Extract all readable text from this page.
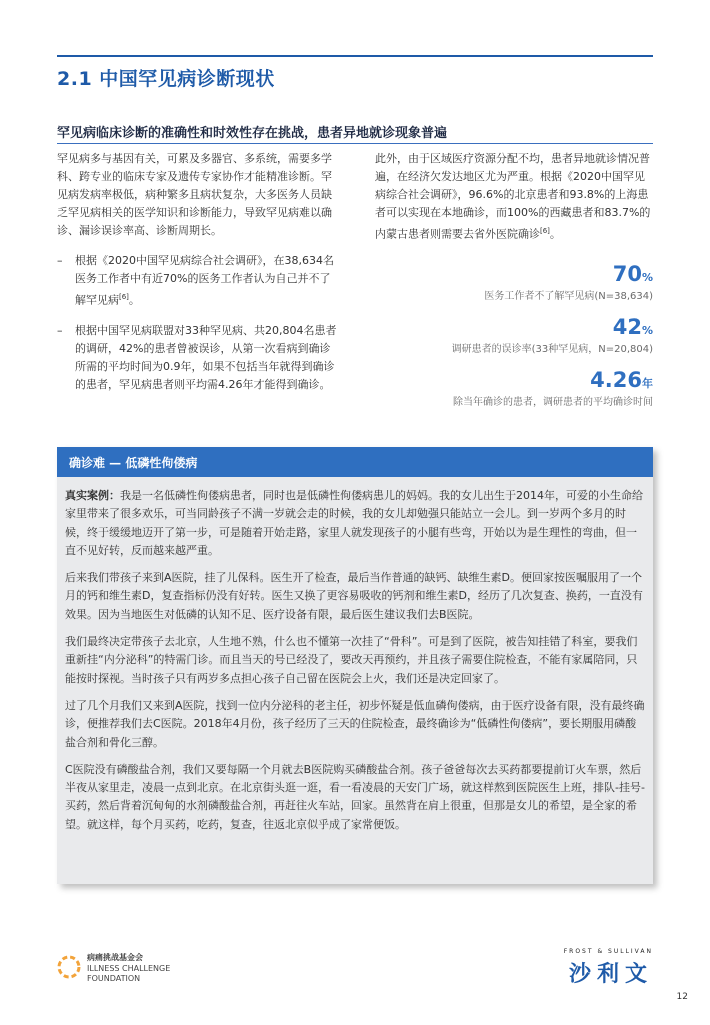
2.1 中国罕见病诊断现状
罕见病临床诊断的准确性和时效性存在挑战，患者异地就诊现象普遍

罕见病多与基因有关，可累及多器官、多系统，需要多学科、跨专业的临床专家及遗传专家协作才能精准诊断。罕见病发病率极低，病种繁多且病状复杂，大多医务人员缺乏罕见病相关的医学知识和诊断能力，导致罕见病难以确诊、漏诊误诊率高、诊断周期长。

– 根据《2020中国罕见病综合社会调研》，在38,634名医务工作者中有近70%的医务工作者认为自己并不了解罕见病[6]。

– 根据中国罕见病联盟对33种罕见病、共20,804名患者的调研，42%的患者曾被误诊，从第一次看病到确诊所需的平均时间为0.9年，如果不包括当年就得到确诊的患者，罕见病患者则平均需4.26年才能得到确诊。

此外，由于区域医疗资源分配不均，患者异地就诊情况普遍，在经济欠发达地区尤为严重。根据《2020中国罕见病综合社会调研》，96.6%的北京患者和93.8%的上海患者可以实现在本地确诊，而100%的西藏患者和83.7%的内蒙古患者则需要去省外医院确诊[6]。

70%
医务工作者不了解罕见病(N=38,634)
42%
调研患者的误诊率(33种罕见病，N=20,804)
4.26年
除当年确诊的患者，调研患者的平均确诊时间
确诊难 — 低磷性佝偻病

真实案例：我是一名低磷性佝偻病患者，同时也是低磷性佝偻病患儿的妈妈。我的女儿出生于2014年，可爱的小生命给家里带来了很多欢乐，可当同龄孩子不满一岁就会走的时候，我的女儿却勉强只能站立一会儿。到一岁两个多月的时候，终于缓缓地迈开了第一步，可是随着开始走路，家里人就发现孩子的小腿有些弯，开始以为是生理性的弯曲，但一直不见好转，反而越来越严重。

后来我们带孩子来到A医院，挂了儿保科。医生开了检查，最后当作普通的缺钙、缺维生素D。便回家按医嘱服用了一个月的钙和维生素D，复查指标仍没有好转。医生又换了更容易吸收的钙剂和维生素D，经历了几次复查、换药，一直没有效果。因为当地医生对低磷的认知不足、医疗设备有限，最后医生建议我们去B医院。

我们最终决定带孩子去北京，人生地不熟，什么也不懂第一次挂了“骨科”。可是到了医院，被告知挂错了科室，要我们重新挂“内分泌科”的特需门诊。而且当天的号已经没了，要改天再预约，并且孩子需要住院检查，不能有家属陪同，只能按时探视。当时孩子只有两岁多点担心孩子自己留在医院会上火，我们还是决定回家了。

过了几个月我们又来到A医院，找到一位内分泌科的老主任，初步怀疑是低血磷佝偻病，由于医疗设备有限，没有最终确诊，便推荐我们去C医院。2018年4月份，孩子经历了三天的住院检查，最终确诊为“低磷性佝偻病”，要长期服用磷酸盐合剂和骨化三醇。

C医院没有磷酸盐合剂，我们又要每隔一个月就去B医院购买磷酸盐合剂。孩子爸爸每次去买药都要提前订火车票，然后半夜从家里走，凌晨一点到北京。在北京街头逛一逛，看一看凌晨的天安门广场，就这样熬到医院医生上班，排队-挂号-买药，然后背着沉甸甸的水剂磷酸盐合剂，再赶往火车站，回家。虽然背在肩上很重，但那是女儿的希望，是全家的希望。就这样，每个月买药，吃药，复查，往返北京似乎成了家常便饭。

病痛挑战基金会
ILLNESS CHALLENGE
FOUNDATION
FROST & SULLIVAN
沙利文
12
